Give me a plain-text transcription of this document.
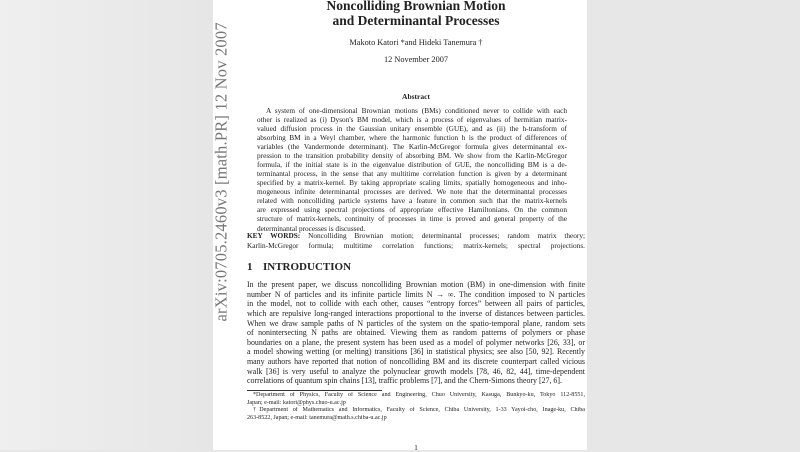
arXiv:0705.2460v3 [math.PR] 12 Nov 2007
Noncolliding Brownian Motion
and Determinantal Processes
Makoto Katori *and Hideki Tanemura †
12 November 2007
Abstract
A system of one-dimensional Brownian motions (BMs) conditioned never to collide with each
other is realized as (i) Dyson's BM model, which is a process of eigenvalues of hermitian matrix-
valued diffusion process in the Gaussian unitary ensemble (GUE), and as (ii) the h-transform of
absorbing BM in a Weyl chamber, where the harmonic function h is the product of differences of
variables (the Vandermonde determinant). The Karlin-McGregor formula gives determinantal ex-
pression to the transition probability density of absorbing BM. We show from the Karlin-McGregor
formula, if the initial state is in the eigenvalue distribution of GUE, the noncolliding BM is a de-
terminantal process, in the sense that any multitime correlation function is given by a determinant
specified by a matrix-kernel. By taking appropriate scaling limits, spatially homogeneous and inho-
mogeneous infinite determinantal processes are derived. We note that the determinantal processes
related with noncolliding particle systems have a feature in common such that the matrix-kernels
are expressed using spectral projections of appropriate effective Hamiltonians. On the common
structure of matrix-kernels, continuity of processes in time is proved and general property of the
determinantal processes is discussed.
KEY WORDS: Noncolliding Brownian motion; determinantal processes; random matrix theory;
Karlin-McGregor formula; multitime correlation functions; matrix-kernels; spectral projections.
1 INTRODUCTION
In the present paper, we discuss noncolliding Brownian motion (BM) in one-dimension with finite
number N of particles and its infinite particle limits N → ∞. The condition imposed to N particles
in the model, not to collide with each other, causes “entropy forces” between all pairs of particles,
which are repulsive long-ranged interactions proportional to the inverse of distances between particles.
When we draw sample paths of N particles of the system on the spatio-temporal plane, random sets
of nonintersecting N paths are obtained. Viewing them as random patterns of polymers or phase
boundaries on a plane, the present system has been used as a model of polymer networks [26, 33], or
a model showing wetting (or melting) transitions [36] in statistical physics; see also [50, 92]. Recently
many authors have reported that notion of noncolliding BM and its discrete counterpart called vicious
walk [36] is very useful to analyze the polynuclear growth models [78, 46, 82, 44], time-dependent
correlations of quantum spin chains [13], traffic problems [7], and the Chern-Simons theory [27, 6].
*Department of Physics, Faculty of Science and Engineering, Chuo University, Kasuga, Bunkyo-ku, Tokyo 112-8551,
Japan; e-mail: katori@phys.chuo-u.ac.jp
†Department of Mathematics and Informatics, Faculty of Science, Chiba University, 1-33 Yayoi-cho, Inage-ku, Chiba
263-8522, Japan; e-mail: tanemura@math.s.chiba-u.ac.jp
1
